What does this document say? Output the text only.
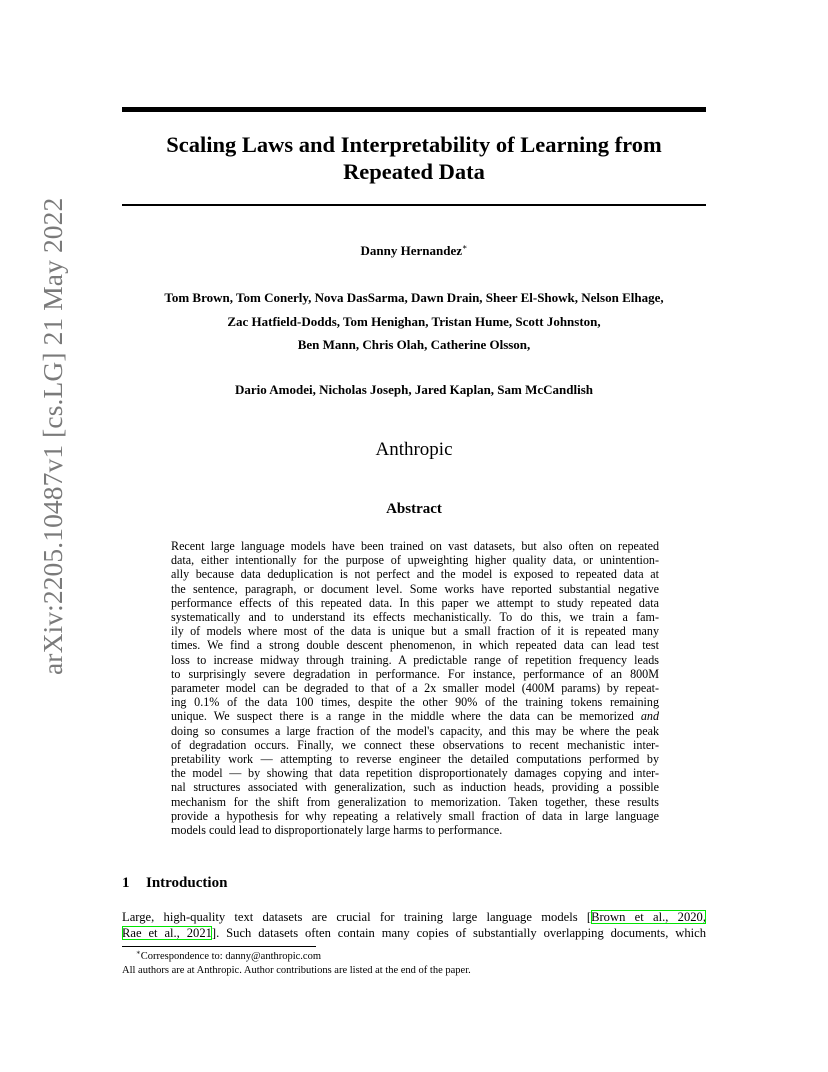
arXiv:2205.10487v1 [cs.LG] 21 May 2022
Scaling Laws and Interpretability of Learning from
Repeated Data
Danny Hernandez∗
Tom Brown, Tom Conerly, Nova DasSarma, Dawn Drain, Sheer El-Showk, Nelson Elhage,
Zac Hatfield-Dodds, Tom Henighan, Tristan Hume, Scott Johnston,
Ben Mann, Chris Olah, Catherine Olsson,
Dario Amodei, Nicholas Joseph, Jared Kaplan, Sam McCandlish
Anthropic
Abstract
Recent large language models have been trained on vast datasets, but also often on repeated
data, either intentionally for the purpose of upweighting higher quality data, or unintention-
ally because data deduplication is not perfect and the model is exposed to repeated data at
the sentence, paragraph, or document level. Some works have reported substantial negative
performance effects of this repeated data. In this paper we attempt to study repeated data
systematically and to understand its effects mechanistically. To do this, we train a fam-
ily of models where most of the data is unique but a small fraction of it is repeated many
times. We find a strong double descent phenomenon, in which repeated data can lead test
loss to increase midway through training. A predictable range of repetition frequency leads
to surprisingly severe degradation in performance. For instance, performance of an 800M
parameter model can be degraded to that of a 2x smaller model (400M params) by repeat-
ing 0.1% of the data 100 times, despite the other 90% of the training tokens remaining
unique. We suspect there is a range in the middle where the data can be memorized and
doing so consumes a large fraction of the model's capacity, and this may be where the peak
of degradation occurs. Finally, we connect these observations to recent mechanistic inter-
pretability work — attempting to reverse engineer the detailed computations performed by
the model — by showing that data repetition disproportionately damages copying and inter-
nal structures associated with generalization, such as induction heads, providing a possible
mechanism for the shift from generalization to memorization. Taken together, these results
provide a hypothesis for why repeating a relatively small fraction of data in large language
models could lead to disproportionately large harms to performance.
1 Introduction
Large, high-quality text datasets are crucial for training large language models [Brown et al., 2020,
Rae et al., 2021]. Such datasets often contain many copies of substantially overlapping documents, which
∗Correspondence to: danny@anthropic.com
All authors are at Anthropic. Author contributions are listed at the end of the paper.
